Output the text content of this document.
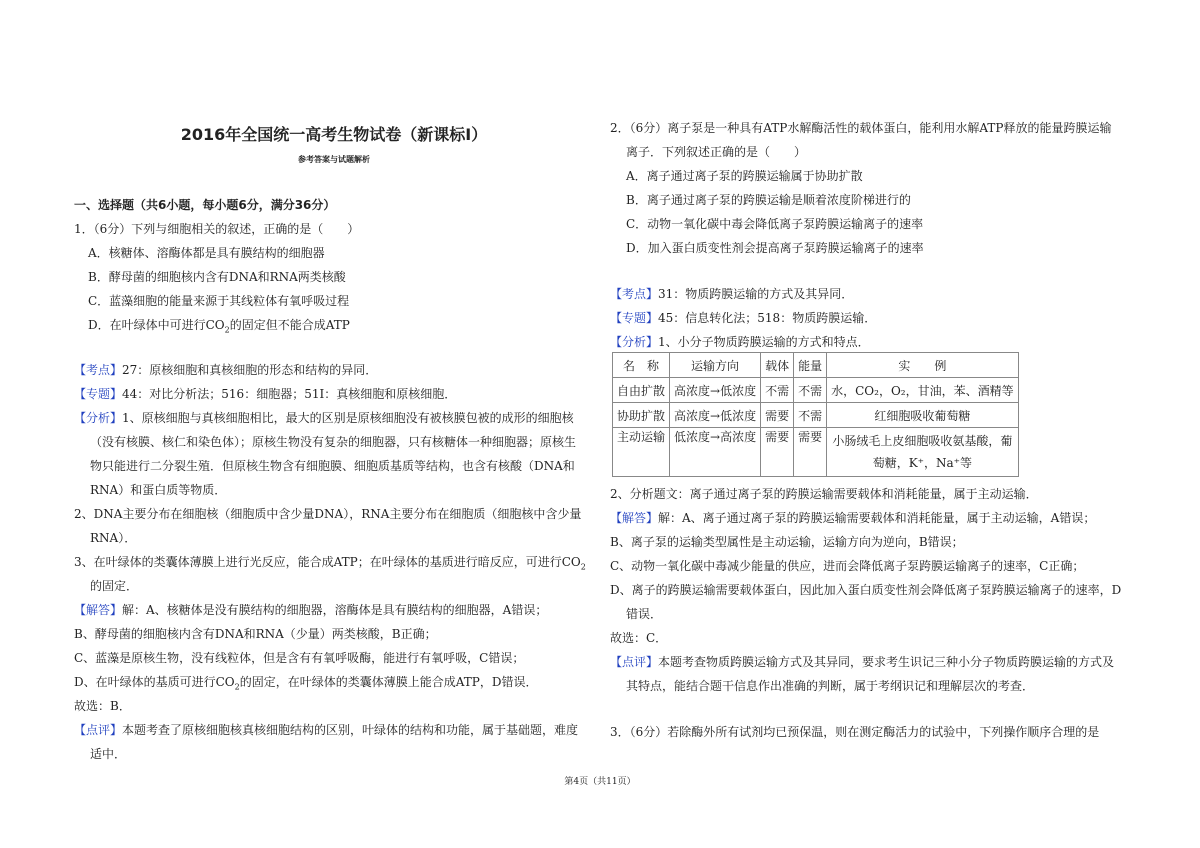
2016年全国统一高考生物试卷（新课标Ⅰ）
参考答案与试题解析
一、选择题（共6小题，每小题6分，满分36分）
1．（6分）下列与细胞相关的叙述，正确的是（　　）
A．核糖体、溶酶体都是具有膜结构的细胞器
B．酵母菌的细胞核内含有DNA和RNA两类核酸
C．蓝藻细胞的能量来源于其线粒体有氧呼吸过程
D．在叶绿体中可进行$CO_2$的固定但不能合成ATP
【考点】27：原核细胞和真核细胞的形态和结构的异同．
【专题】44：对比分析法；516：细胞器；51I：真核细胞和原核细胞．
【分析】1、原核细胞与真核细胞相比，最大的区别是原核细胞没有被核膜包被的成形的细胞核
（没有核膜、核仁和染色体）；原核生物没有复杂的细胞器，只有核糖体一种细胞器；原核生
物只能进行二分裂生殖．但原核生物含有细胞膜、细胞质基质等结构，也含有核酸（DNA和
RNA）和蛋白质等物质．
2、DNA主要分布在细胞核（细胞质中含少量DNA），RNA主要分布在细胞质（细胞核中含少量
RNA）．
3、在叶绿体的类囊体薄膜上进行光反应，能合成ATP；在叶绿体的基质进行暗反应，可进行$CO_2$
的固定．
【解答】解：A、核糖体是没有膜结构的细胞器，溶酶体是具有膜结构的细胞器，A错误；
B、酵母菌的细胞核内含有DNA和RNA（少量）两类核酸，B正确；
C、蓝藻是原核生物，没有线粒体，但是含有有氧呼吸酶，能进行有氧呼吸，C错误；
D、在叶绿体的基质可进行$CO_2$的固定，在叶绿体的类囊体薄膜上能合成ATP，D错误．
故选：B．
【点评】本题考查了原核细胞核真核细胞结构的区别，叶绿体的结构和功能，属于基础题，难度
适中．
2．（6分）离子泵是一种具有ATP水解酶活性的载体蛋白，能利用水解ATP释放的能量跨膜运输
离子．下列叙述正确的是（　　）
A．离子通过离子泵的跨膜运输属于协助扩散
B．离子通过离子泵的跨膜运输是顺着浓度阶梯进行的
C．动物一氧化碳中毒会降低离子泵跨膜运输离子的速率
D．加入蛋白质变性剂会提高离子泵跨膜运输离子的速率
【考点】31：物质跨膜运输的方式及其异同．
【专题】45：信息转化法；518：物质跨膜运输．
【分析】1、小分子物质跨膜运输的方式和特点．
名　称	运输方向	载体	能量	实　　例
自由扩散	高浓度→低浓度	不需	不需	水，CO₂，O₂，甘油，苯、酒精等
协助扩散	高浓度→低浓度	需要	不需	红细胞吸收葡萄糖
主动运输	低浓度→高浓度	需要	需要	小肠绒毛上皮细胞吸收氨基酸，葡萄糖，K⁺，Na⁺等
2、分析题文：离子通过离子泵的跨膜运输需要载体和消耗能量，属于主动运输．
【解答】解：A、离子通过离子泵的跨膜运输需要载体和消耗能量，属于主动运输，A错误；
B、离子泵的运输类型属性是主动运输，运输方向为逆向，B错误；
C、动物一氧化碳中毒减少能量的供应，进而会降低离子泵跨膜运输离子的速率，C正确；
D、离子的跨膜运输需要载体蛋白，因此加入蛋白质变性剂会降低离子泵跨膜运输离子的速率，D
错误．
故选：C．
【点评】本题考查物质跨膜运输方式及其异同，要求考生识记三种小分子物质跨膜运输的方式及
其特点，能结合题干信息作出准确的判断，属于考纲识记和理解层次的考查．
3．（6分）若除酶外所有试剂均已预保温，则在测定酶活力的试验中，下列操作顺序合理的是
第4页（共11页）
